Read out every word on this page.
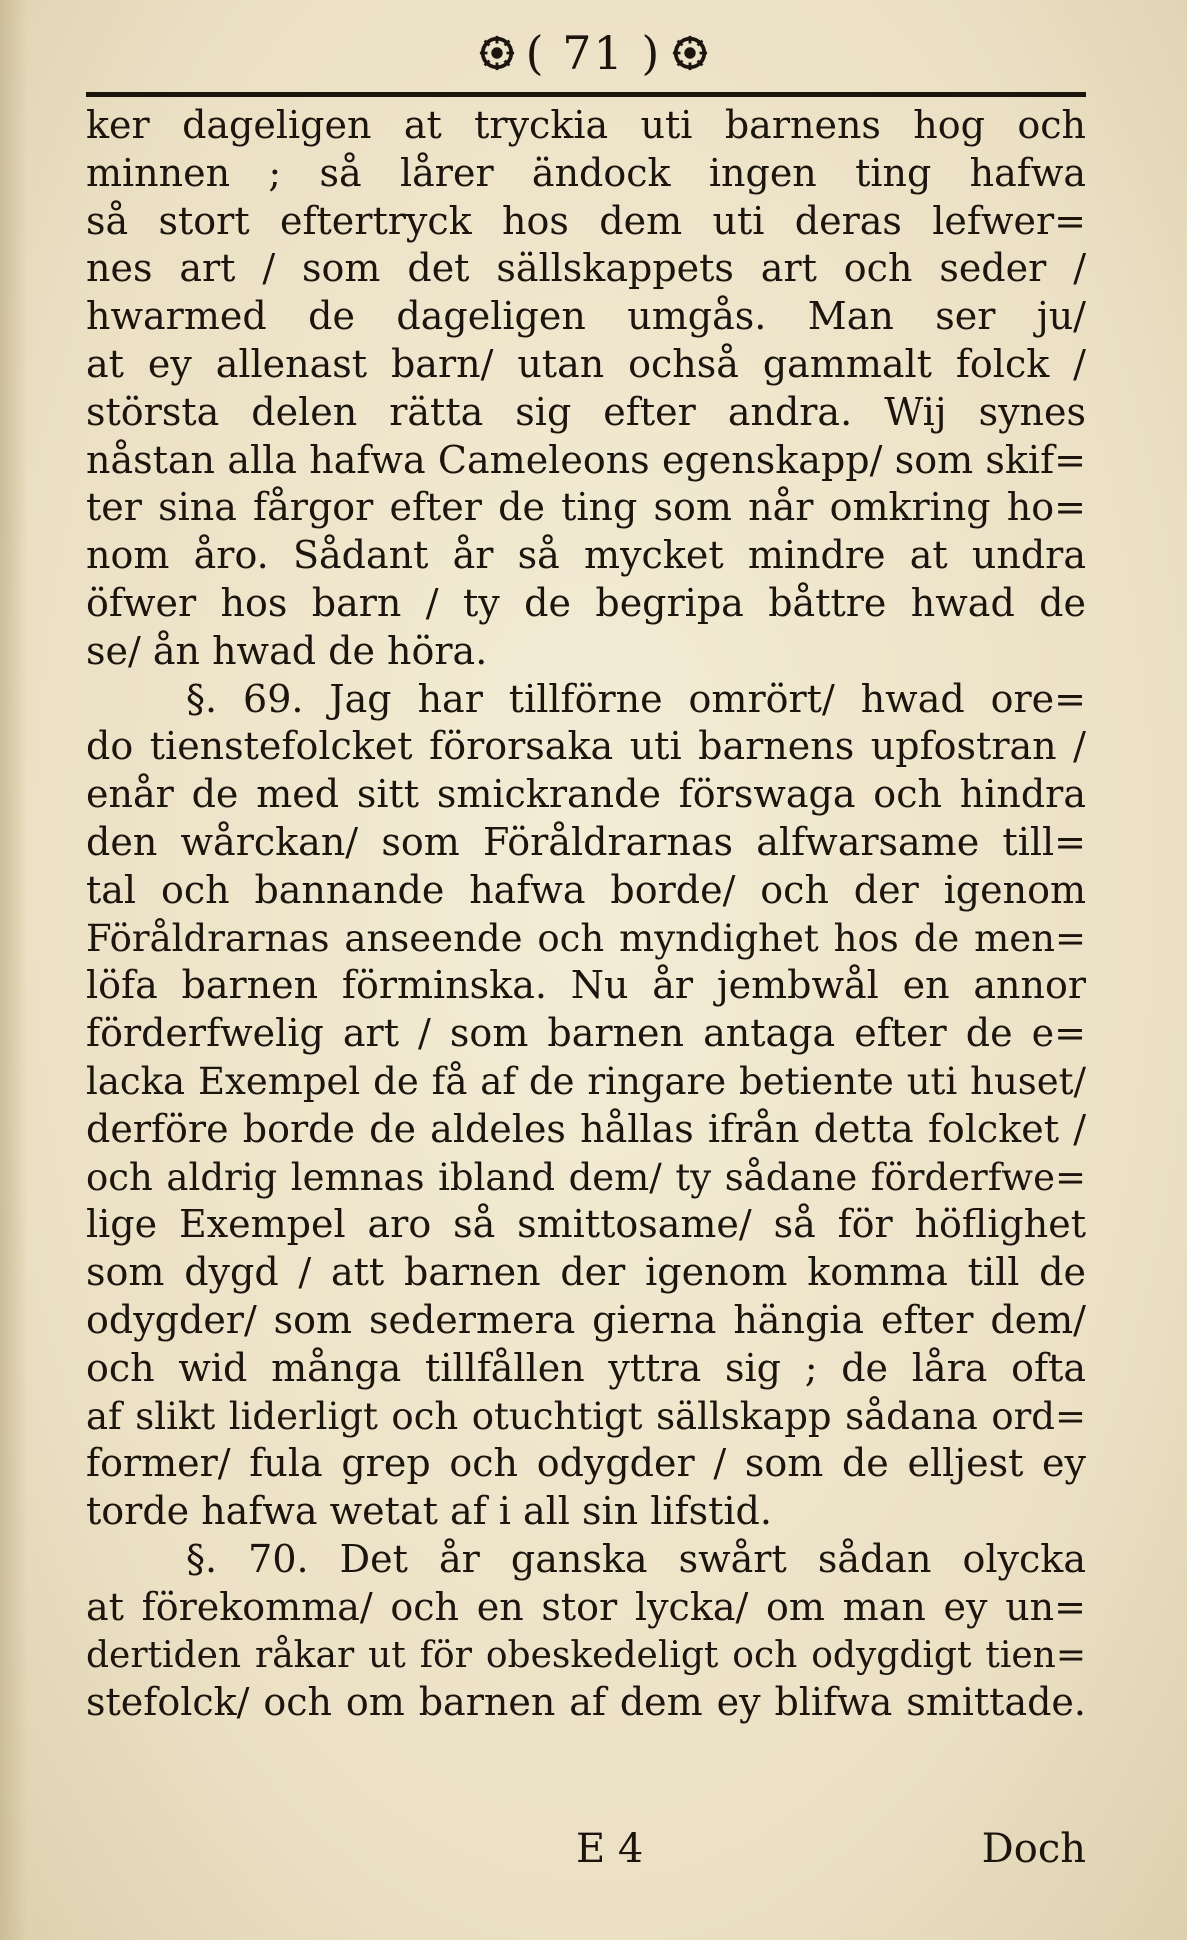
( 71 )
ker dageligen at tryckia uti barnens hog och
minnen ; så lårer ändock ingen ting hafwa
så stort eftertryck hos dem uti deras lefwer=
nes art / som det sällskappets art och seder /
hwarmed de dageligen umgås. Man ser ju/
at ey allenast barn/ utan ochså gammalt folck /
största delen rätta sig efter andra. Wij synes
nåstan alla hafwa Cameleons egenskapp/ som skif=
ter sina fårgor efter de ting som når omkring ho=
nom åro. Sådant år så mycket mindre at undra
öfwer hos barn / ty de begripa båttre hwad de
se/ ån hwad de höra.
§. 69. Jag har tillförne omrört/ hwad ore=
do tienstefolcket förorsaka uti barnens upfostran /
enår de med sitt smickrande förswaga och hindra
den wårckan/ som Föråldrarnas alfwarsame till=
tal och bannande hafwa borde/ och der igenom
Föråldrarnas anseende och myndighet hos de men=
löfa barnen förminska. Nu år jembwål en annor
förderfwelig art / som barnen antaga efter de e=
lacka Exempel de få af de ringare betiente uti huset/
derföre borde de aldeles hållas ifrån detta folcket /
och aldrig lemnas ibland dem/ ty sådane förderfwe=
lige Exempel aro så smittosame/ så för höflighet
som dygd / att barnen der igenom komma till de
odygder/ som sedermera gierna hängia efter dem/
och wid många tillfållen yttra sig ; de låra ofta
af slikt liderligt och otuchtigt sällskapp sådana ord=
former/ fula grep och odygder / som de elljest ey
torde hafwa wetat af i all sin lifstid.
§. 70. Det år ganska swårt sådan olycka
at förekomma/ och en stor lycka/ om man ey un=
dertiden råkar ut för obeskedeligt och odygdigt tien=
stefolck/ och om barnen af dem ey blifwa smittade.
E 4	Doch
